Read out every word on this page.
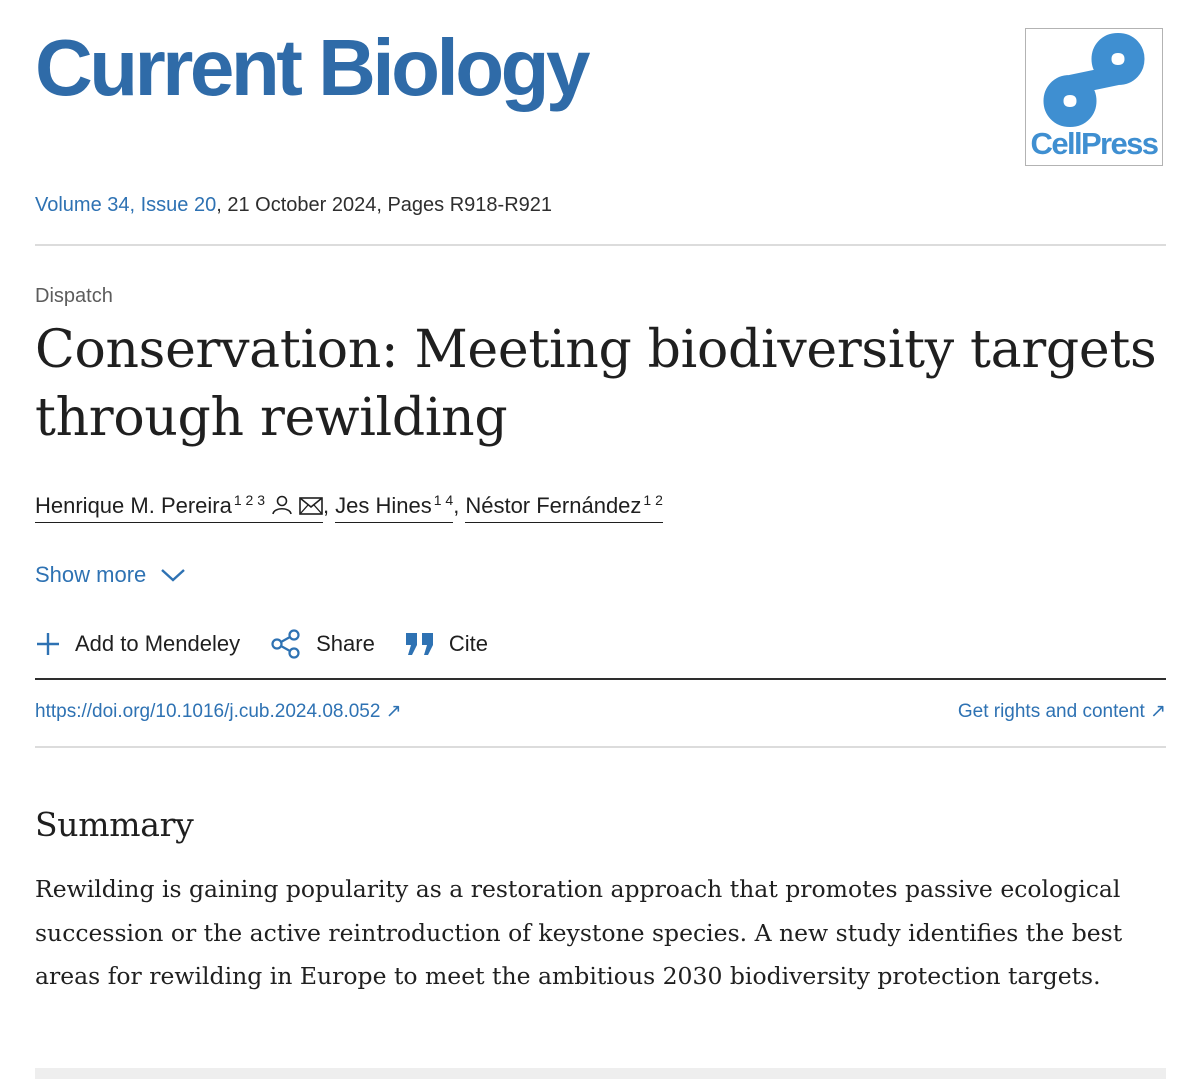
Current Biology
CellPress
Volume 34, Issue 20, 21 October 2024, Pages R918-R921
Dispatch
Conservation: Meeting biodiversity targets through rewilding
Henrique M. Pereira $^{1 2 3}$	, Jes Hines $^{1 4}$, Néstor Fernández $^{1 2}$
Show more
Add to Mendeley	Share	Cite
https://doi.org/10.1016/j.cub.2024.08.052 ↗	Get rights and content ↗
Summary

Rewilding is gaining popularity as a restoration approach that promotes passive ecological succession or the active reintroduction of keystone species. A new study identifies the best areas for rewilding in Europe to meet the ambitious 2030 biodiversity protection targets.
